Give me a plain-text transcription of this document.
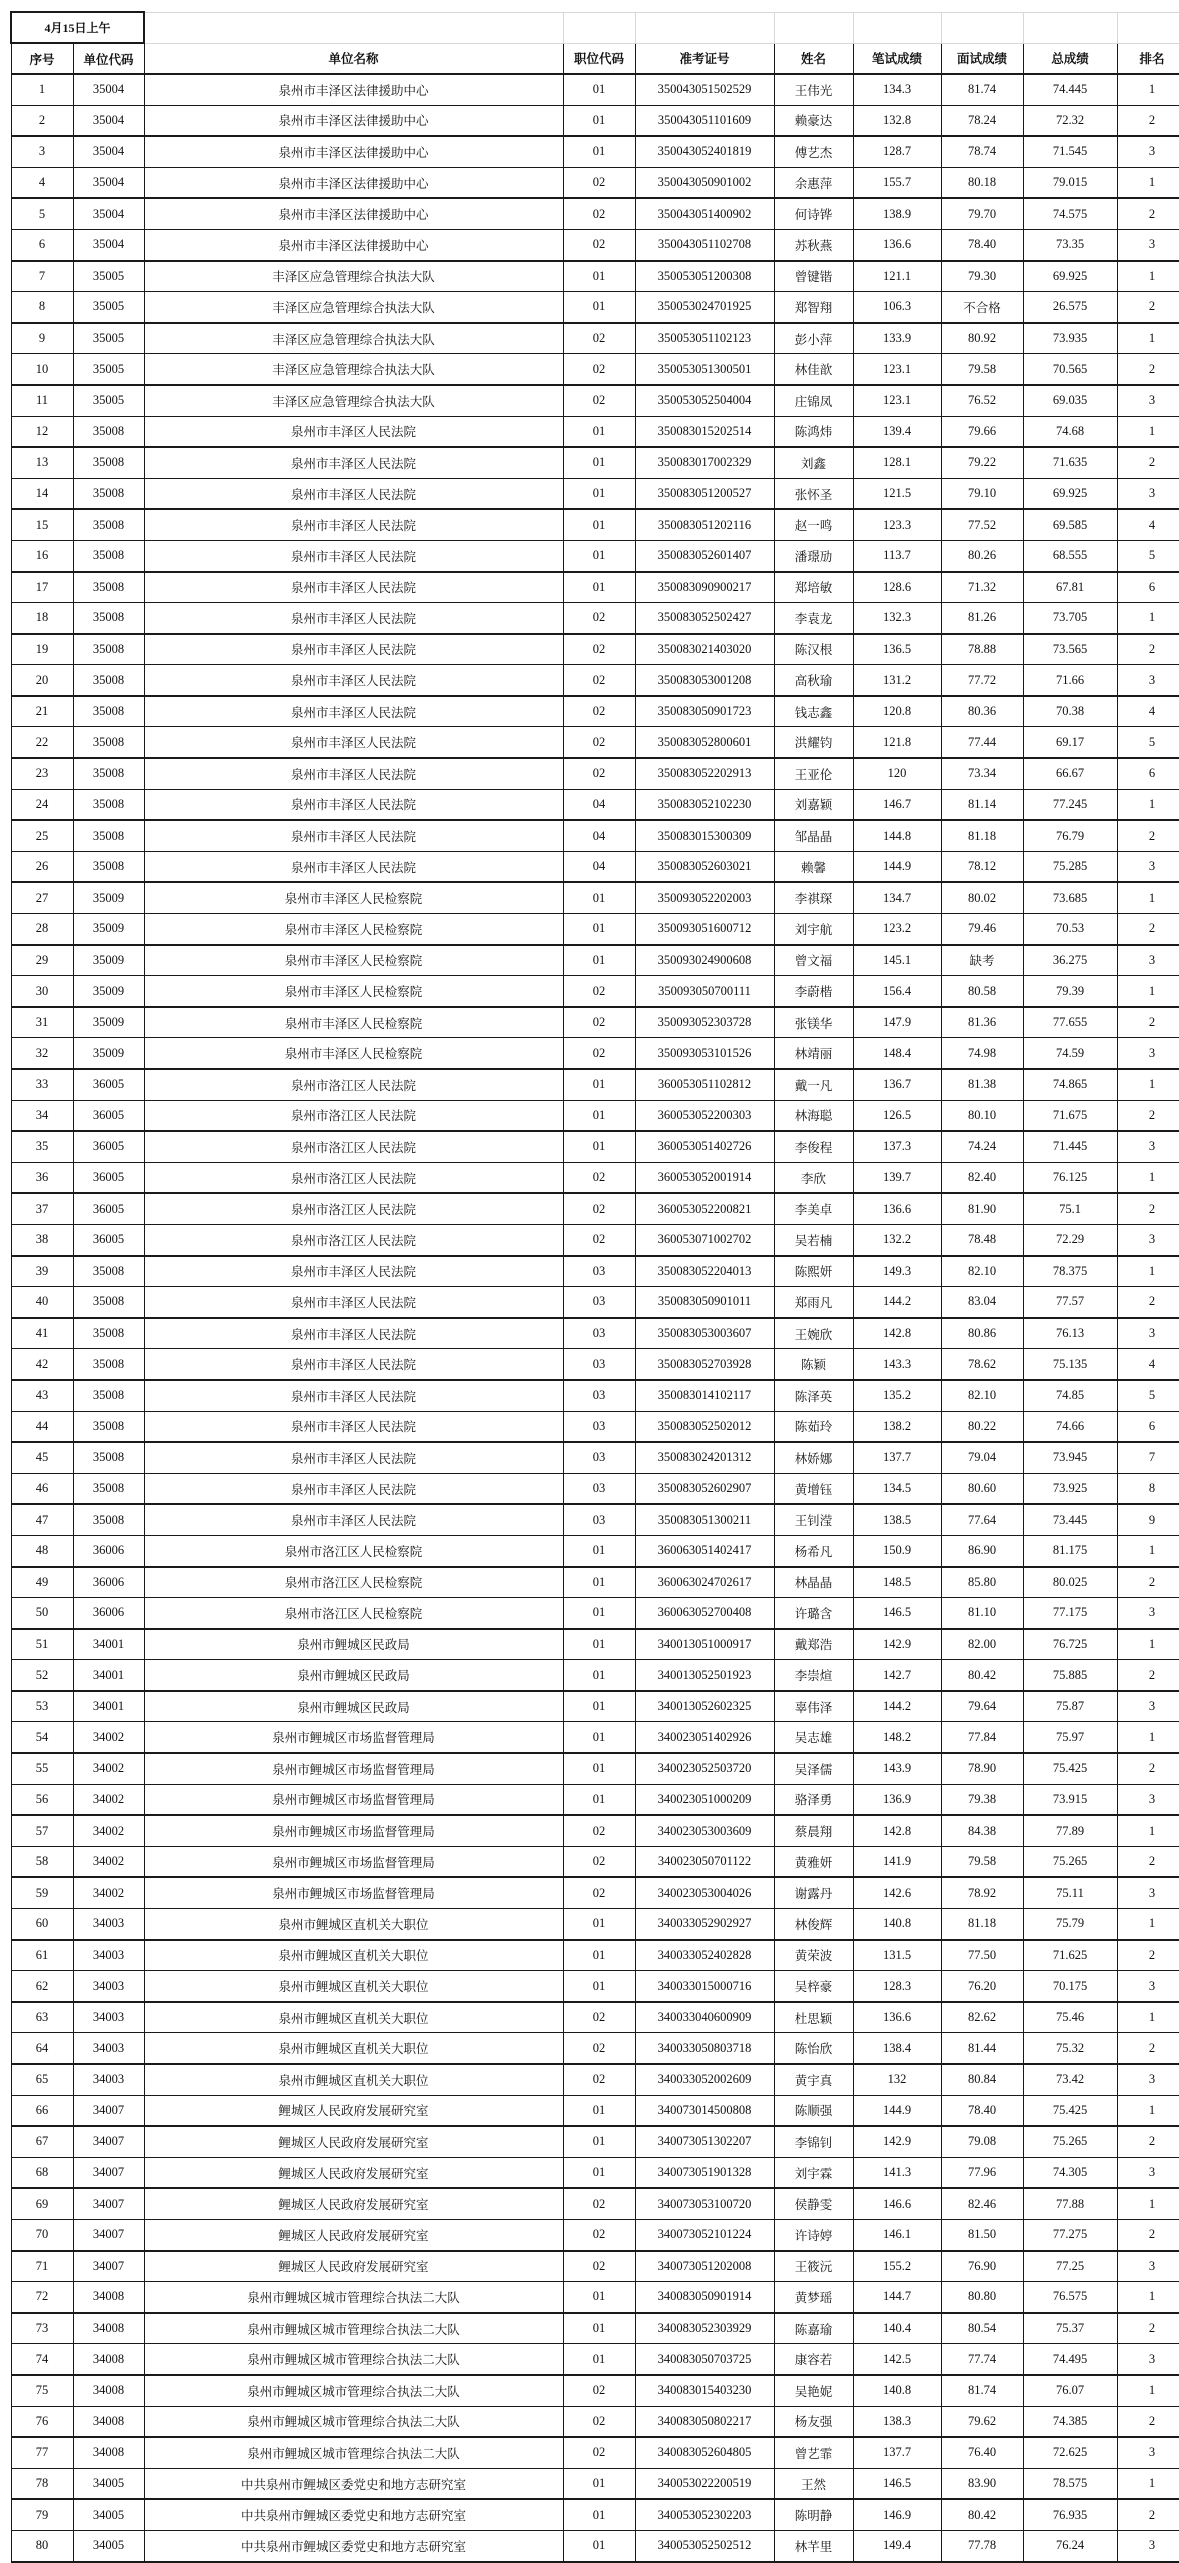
4月15日上午									
序号	单位代码	单位名称	职位代码	准考证号	姓名	笔试成绩	面试成绩	总成绩	排名
1	35004	泉州市丰泽区法律援助中心	01	350043051502529	王伟光	134.3	81.74	74.445	1
2	35004	泉州市丰泽区法律援助中心	01	350043051101609	赖豪达	132.8	78.24	72.32	2
3	35004	泉州市丰泽区法律援助中心	01	350043052401819	傅艺杰	128.7	78.74	71.545	3
4	35004	泉州市丰泽区法律援助中心	02	350043050901002	余惠萍	155.7	80.18	79.015	1
5	35004	泉州市丰泽区法律援助中心	02	350043051400902	何诗铧	138.9	79.70	74.575	2
6	35004	泉州市丰泽区法律援助中心	02	350043051102708	苏秋燕	136.6	78.40	73.35	3
7	35005	丰泽区应急管理综合执法大队	01	350053051200308	曾键锴	121.1	79.30	69.925	1
8	35005	丰泽区应急管理综合执法大队	01	350053024701925	郑智翔	106.3	不合格	26.575	2
9	35005	丰泽区应急管理综合执法大队	02	350053051102123	彭小萍	133.9	80.92	73.935	1
10	35005	丰泽区应急管理综合执法大队	02	350053051300501	林佳歆	123.1	79.58	70.565	2
11	35005	丰泽区应急管理综合执法大队	02	350053052504004	庄锦凤	123.1	76.52	69.035	3
12	35008	泉州市丰泽区人民法院	01	350083015202514	陈鸿炜	139.4	79.66	74.68	1
13	35008	泉州市丰泽区人民法院	01	350083017002329	刘鑫	128.1	79.22	71.635	2
14	35008	泉州市丰泽区人民法院	01	350083051200527	张怀圣	121.5	79.10	69.925	3
15	35008	泉州市丰泽区人民法院	01	350083051202116	赵一鸣	123.3	77.52	69.585	4
16	35008	泉州市丰泽区人民法院	01	350083052601407	潘璟劢	113.7	80.26	68.555	5
17	35008	泉州市丰泽区人民法院	01	350083090900217	郑培敏	128.6	71.32	67.81	6
18	35008	泉州市丰泽区人民法院	02	350083052502427	李袁龙	132.3	81.26	73.705	1
19	35008	泉州市丰泽区人民法院	02	350083021403020	陈汉根	136.5	78.88	73.565	2
20	35008	泉州市丰泽区人民法院	02	350083053001208	高秋瑜	131.2	77.72	71.66	3
21	35008	泉州市丰泽区人民法院	02	350083050901723	钱志鑫	120.8	80.36	70.38	4
22	35008	泉州市丰泽区人民法院	02	350083052800601	洪耀钧	121.8	77.44	69.17	5
23	35008	泉州市丰泽区人民法院	02	350083052202913	王亚伦	120	73.34	66.67	6
24	35008	泉州市丰泽区人民法院	04	350083052102230	刘嘉颖	146.7	81.14	77.245	1
25	35008	泉州市丰泽区人民法院	04	350083015300309	邹晶晶	144.8	81.18	76.79	2
26	35008	泉州市丰泽区人民法院	04	350083052603021	赖馨	144.9	78.12	75.285	3
27	35009	泉州市丰泽区人民检察院	01	350093052202003	李祺琛	134.7	80.02	73.685	1
28	35009	泉州市丰泽区人民检察院	01	350093051600712	刘宇航	123.2	79.46	70.53	2
29	35009	泉州市丰泽区人民检察院	01	350093024900608	曾文福	145.1	缺考	36.275	3
30	35009	泉州市丰泽区人民检察院	02	350093050700111	李蔚楷	156.4	80.58	79.39	1
31	35009	泉州市丰泽区人民检察院	02	350093052303728	张镁华	147.9	81.36	77.655	2
32	35009	泉州市丰泽区人民检察院	02	350093053101526	林靖丽	148.4	74.98	74.59	3
33	36005	泉州市洛江区人民法院	01	360053051102812	戴一凡	136.7	81.38	74.865	1
34	36005	泉州市洛江区人民法院	01	360053052200303	林海聪	126.5	80.10	71.675	2
35	36005	泉州市洛江区人民法院	01	360053051402726	李俊程	137.3	74.24	71.445	3
36	36005	泉州市洛江区人民法院	02	360053052001914	李欣	139.7	82.40	76.125	1
37	36005	泉州市洛江区人民法院	02	360053052200821	李美卓	136.6	81.90	75.1	2
38	36005	泉州市洛江区人民法院	02	360053071002702	吴若楠	132.2	78.48	72.29	3
39	35008	泉州市丰泽区人民法院	03	350083052204013	陈熙妍	149.3	82.10	78.375	1
40	35008	泉州市丰泽区人民法院	03	350083050901011	郑雨凡	144.2	83.04	77.57	2
41	35008	泉州市丰泽区人民法院	03	350083053003607	王婉欣	142.8	80.86	76.13	3
42	35008	泉州市丰泽区人民法院	03	350083052703928	陈颖	143.3	78.62	75.135	4
43	35008	泉州市丰泽区人民法院	03	350083014102117	陈泽英	135.2	82.10	74.85	5
44	35008	泉州市丰泽区人民法院	03	350083052502012	陈茹玲	138.2	80.22	74.66	6
45	35008	泉州市丰泽区人民法院	03	350083024201312	林娇娜	137.7	79.04	73.945	7
46	35008	泉州市丰泽区人民法院	03	350083052602907	黄增钰	134.5	80.60	73.925	8
47	35008	泉州市丰泽区人民法院	03	350083051300211	王钊滢	138.5	77.64	73.445	9
48	36006	泉州市洛江区人民检察院	01	360063051402417	杨希凡	150.9	86.90	81.175	1
49	36006	泉州市洛江区人民检察院	01	360063024702617	林晶晶	148.5	85.80	80.025	2
50	36006	泉州市洛江区人民检察院	01	360063052700408	许璐含	146.5	81.10	77.175	3
51	34001	泉州市鲤城区民政局	01	340013051000917	戴郑浩	142.9	82.00	76.725	1
52	34001	泉州市鲤城区民政局	01	340013052501923	李崇煊	142.7	80.42	75.885	2
53	34001	泉州市鲤城区民政局	01	340013052602325	辜伟泽	144.2	79.64	75.87	3
54	34002	泉州市鲤城区市场监督管理局	01	340023051402926	吴志雄	148.2	77.84	75.97	1
55	34002	泉州市鲤城区市场监督管理局	01	340023052503720	吴泽儒	143.9	78.90	75.425	2
56	34002	泉州市鲤城区市场监督管理局	01	340023051000209	骆泽勇	136.9	79.38	73.915	3
57	34002	泉州市鲤城区市场监督管理局	02	340023053003609	蔡晨翔	142.8	84.38	77.89	1
58	34002	泉州市鲤城区市场监督管理局	02	340023050701122	黄雅妍	141.9	79.58	75.265	2
59	34002	泉州市鲤城区市场监督管理局	02	340023053004026	谢露丹	142.6	78.92	75.11	3
60	34003	泉州市鲤城区直机关大职位	01	340033052902927	林俊辉	140.8	81.18	75.79	1
61	34003	泉州市鲤城区直机关大职位	01	340033052402828	黄荣波	131.5	77.50	71.625	2
62	34003	泉州市鲤城区直机关大职位	01	340033015000716	吴梓豪	128.3	76.20	70.175	3
63	34003	泉州市鲤城区直机关大职位	02	340033040600909	杜思颖	136.6	82.62	75.46	1
64	34003	泉州市鲤城区直机关大职位	02	340033050803718	陈怡欣	138.4	81.44	75.32	2
65	34003	泉州市鲤城区直机关大职位	02	340033052002609	黄宇真	132	80.84	73.42	3
66	34007	鲤城区人民政府发展研究室	01	340073014500808	陈顺强	144.9	78.40	75.425	1
67	34007	鲤城区人民政府发展研究室	01	340073051302207	李锦钊	142.9	79.08	75.265	2
68	34007	鲤城区人民政府发展研究室	01	340073051901328	刘宇霖	141.3	77.96	74.305	3
69	34007	鲤城区人民政府发展研究室	02	340073053100720	侯静雯	146.6	82.46	77.88	1
70	34007	鲤城区人民政府发展研究室	02	340073052101224	许诗婷	146.1	81.50	77.275	2
71	34007	鲤城区人民政府发展研究室	02	340073051202008	王筱沅	155.2	76.90	77.25	3
72	34008	泉州市鲤城区城市管理综合执法二大队	01	340083050901914	黄梦瑶	144.7	80.80	76.575	1
73	34008	泉州市鲤城区城市管理综合执法二大队	01	340083052303929	陈嘉瑜	140.4	80.54	75.37	2
74	34008	泉州市鲤城区城市管理综合执法二大队	01	340083050703725	康容若	142.5	77.74	74.495	3
75	34008	泉州市鲤城区城市管理综合执法二大队	02	340083015403230	吴艳妮	140.8	81.74	76.07	1
76	34008	泉州市鲤城区城市管理综合执法二大队	02	340083050802217	杨友强	138.3	79.62	74.385	2
77	34008	泉州市鲤城区城市管理综合执法二大队	02	340083052604805	曾艺霏	137.7	76.40	72.625	3
78	34005	中共泉州市鲤城区委党史和地方志研究室	01	340053022200519	王然	146.5	83.90	78.575	1
79	34005	中共泉州市鲤城区委党史和地方志研究室	01	340053052302203	陈明静	146.9	80.42	76.935	2
80	34005	中共泉州市鲤城区委党史和地方志研究室	01	340053052502512	林芊里	149.4	77.78	76.24	3
